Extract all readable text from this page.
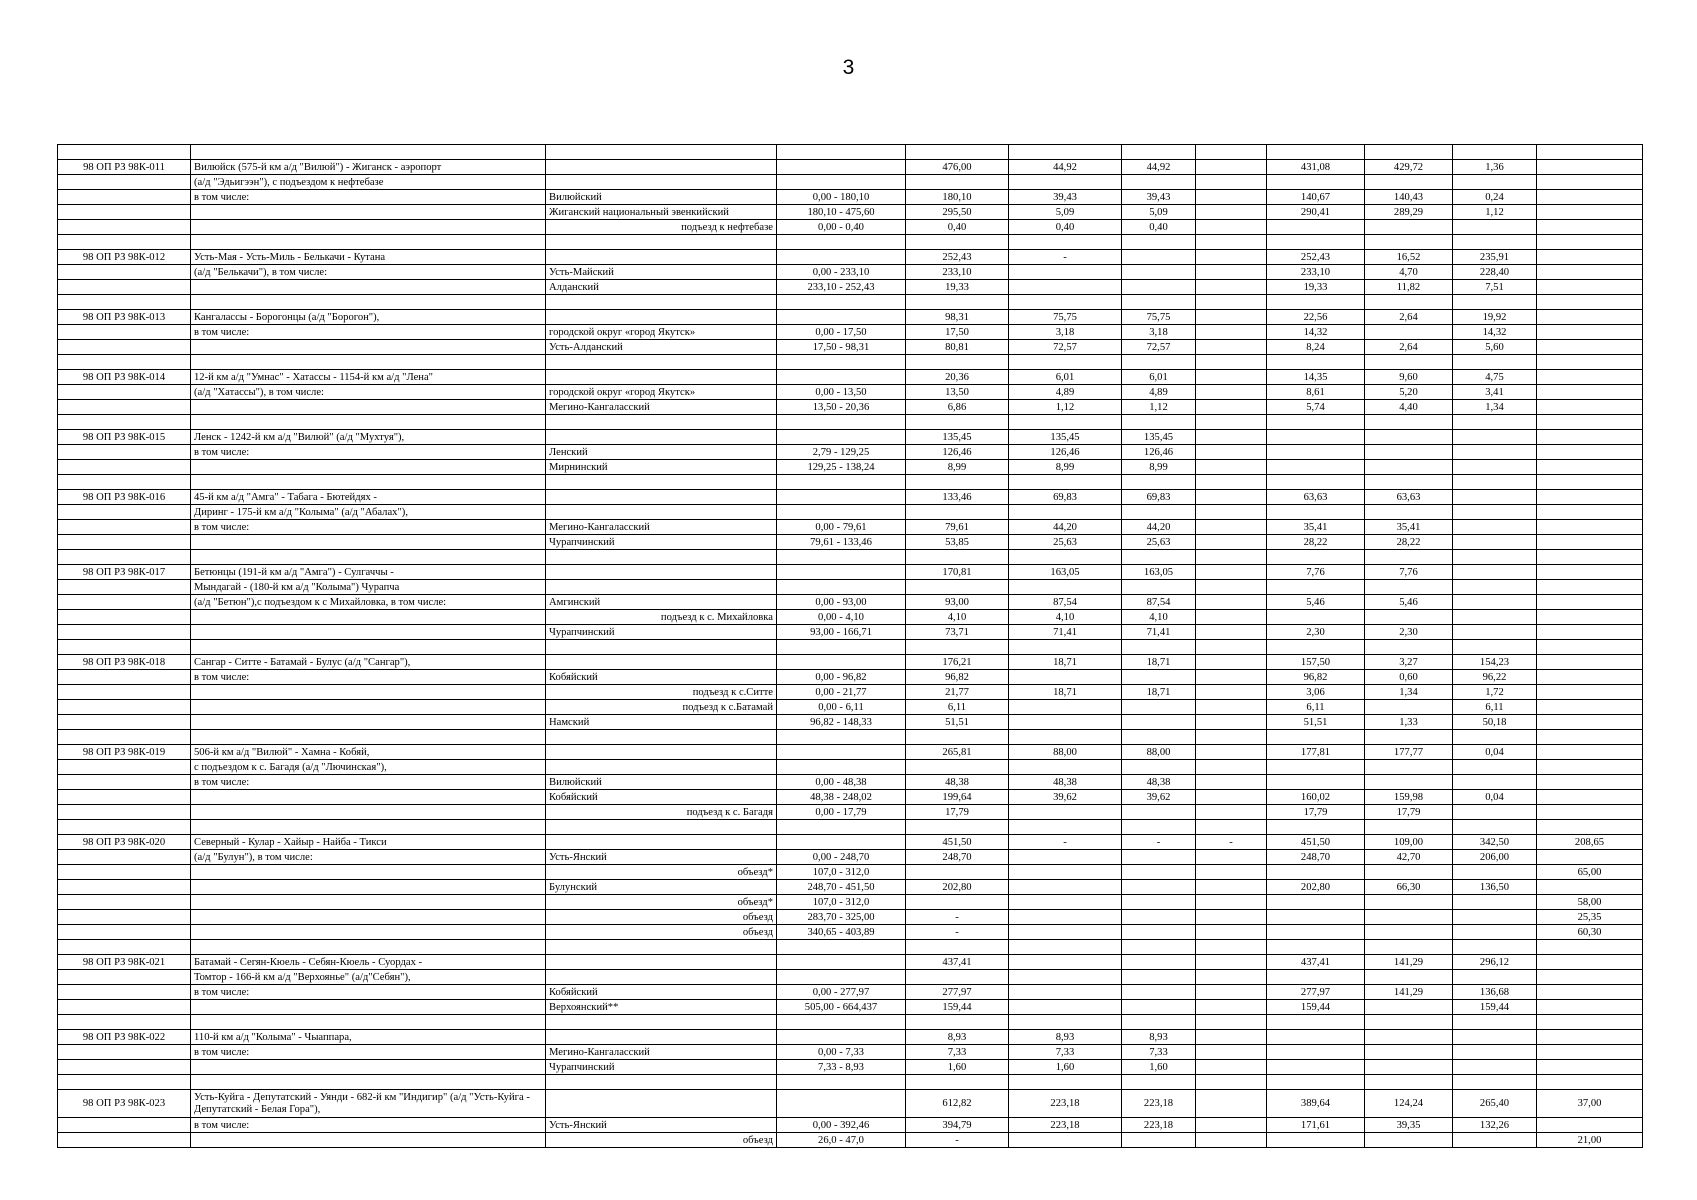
3

98 ОП РЗ 98К-011	Вилюйск (575-й км а/д "Вилюй") - Жиганск - аэропорт			476,00	44,92	44,92		431,08	429,72	1,36	
	(а/д "Эдьигээн"), с подъездом к нефтебазе										
	в том числе:	Вилюйский	0,00 - 180,10	180,10	39,43	39,43		140,67	140,43	0,24	
		Жиганский национальный эвенкийский	180,10 - 475,60	295,50	5,09	5,09		290,41	289,29	1,12	
		подъезд к нефтебазе	0,00 - 0,40	0,40	0,40	0,40					

98 ОП РЗ 98К-012	Усть-Мая - Усть-Миль - Белькачи - Кутана			252,43	-			252,43	16,52	235,91	
	(а/д "Белькачи"), в том числе:	Усть-Майский	0,00 - 233,10	233,10				233,10	4,70	228,40	
		Алданский	233,10 - 252,43	19,33				19,33	11,82	7,51	

98 ОП РЗ 98К-013	Кангалассы - Борогонцы (а/д "Борогон"),			98,31	75,75	75,75		22,56	2,64	19,92	
	в том числе:	городской округ «город Якутск»	0,00 - 17,50	17,50	3,18	3,18		14,32		14,32	
		Усть-Алданский	17,50 - 98,31	80,81	72,57	72,57		8,24	2,64	5,60	

98 ОП РЗ 98К-014	12-й км а/д "Умнас" - Хатассы - 1154-й км а/д "Лена"			20,36	6,01	6,01		14,35	9,60	4,75	
	(а/д "Хатассы"), в том числе:	городской округ «город Якутск»	0,00 - 13,50	13,50	4,89	4,89		8,61	5,20	3,41	
		Мегино-Кангаласский	13,50 - 20,36	6,86	1,12	1,12		5,74	4,40	1,34	

98 ОП РЗ 98К-015	Ленск - 1242-й км а/д "Вилюй" (а/д "Мухтуя"),			135,45	135,45	135,45					
	в том числе:	Ленский	2,79 - 129,25	126,46	126,46	126,46					
		Мирнинский	129,25 - 138,24	8,99	8,99	8,99					

98 ОП РЗ 98К-016	45-й км а/д "Амга" - Табага - Бютейдях -			133,46	69,83	69,83		63,63	63,63		
	Диринг - 175-й км а/д "Колыма" (а/д "Абалах"),										
	в том числе:	Мегино-Кангаласский	0,00 - 79,61	79,61	44,20	44,20		35,41	35,41		
		Чурапчинский	79,61 - 133,46	53,85	25,63	25,63		28,22	28,22		

98 ОП РЗ 98К-017	Бетюнцы (191-й км а/д "Амга") - Сулгаччы -			170,81	163,05	163,05		7,76	7,76		
	Мындагай - (180-й км а/д "Колыма") Чурапча										
	(а/д "Бетюн"),с подъездом к с Михайловка, в том числе:	Амгинский	0,00 - 93,00	93,00	87,54	87,54		5,46	5,46		
		подъезд к с. Михайловка	0,00 - 4,10	4,10	4,10	4,10					
		Чурапчинский	93,00 - 166,71	73,71	71,41	71,41		2,30	2,30		

98 ОП РЗ 98К-018	Сангар - Ситте - Батамай - Булус (а/д "Сангар"),			176,21	18,71	18,71		157,50	3,27	154,23	
	в том числе:	Кобяйский	0,00 - 96,82	96,82				96,82	0,60	96,22	
		подъезд к с.Ситте	0,00 - 21,77	21,77	18,71	18,71		3,06	1,34	1,72	
		подъезд к с.Батамай	0,00 - 6,11	6,11				6,11		6,11	
		Намский	96,82 - 148,33	51,51				51,51	1,33	50,18	

98 ОП РЗ 98К-019	506-й км а/д "Вилюй" - Хамна - Кобяй,			265,81	88,00	88,00		177,81	177,77	0,04	
	с подъездом к с. Багадя (а/д "Лючинская"),										
	в том числе:	Вилюйский	0,00 - 48,38	48,38	48,38	48,38					
		Кобяйский	48,38 - 248,02	199,64	39,62	39,62		160,02	159,98	0,04	
		подъезд к с. Багадя	0,00 - 17,79	17,79				17,79	17,79		

98 ОП РЗ 98К-020	Северный - Кулар - Хайыр - Найба - Тикси			451,50	-	-	-	451,50	109,00	342,50	208,65
	(а/д "Булун"), в том числе:	Усть-Янский	0,00 - 248,70	248,70				248,70	42,70	206,00	
		объезд*	107,0 - 312,0								65,00
		Булунский	248,70 - 451,50	202,80				202,80	66,30	136,50	
		объезд*	107,0 - 312,0								58,00
		объезд	283,70 - 325,00	-							25,35
		объезд	340,65 - 403,89	-							60,30

98 ОП РЗ 98К-021	Батамай - Сегян-Кюель - Себян-Кюель - Суордах -			437,41				437,41	141,29	296,12	
	Томтор - 166-й км а/д "Верхоянье" (а/д"Себян"),										
	в том числе:	Кобяйский	0,00 - 277,97	277,97				277,97	141,29	136,68	
		Верхоянский**	505,00 - 664,437	159,44				159,44		159,44	

98 ОП РЗ 98К-022	110-й км а/д "Колыма" - Чыаппара,			8,93	8,93	8,93					
	в том числе:	Мегино-Кангаласский	0,00 - 7,33	7,33	7,33	7,33					
		Чурапчинский	7,33 - 8,93	1,60	1,60	1,60					

98 ОП РЗ 98К-023	Усть-Куйга - Депутатский - Уянди - 682-й км "Индигир" (а/д "Усть-Куйга - Депутатский - Белая Гора"),			612,82	223,18	223,18		389,64	124,24	265,40	37,00
	в том числе:	Усть-Янский	0,00 - 392,46	394,79	223,18	223,18		171,61	39,35	132,26	
		объезд	26,0 - 47,0	-							21,00
